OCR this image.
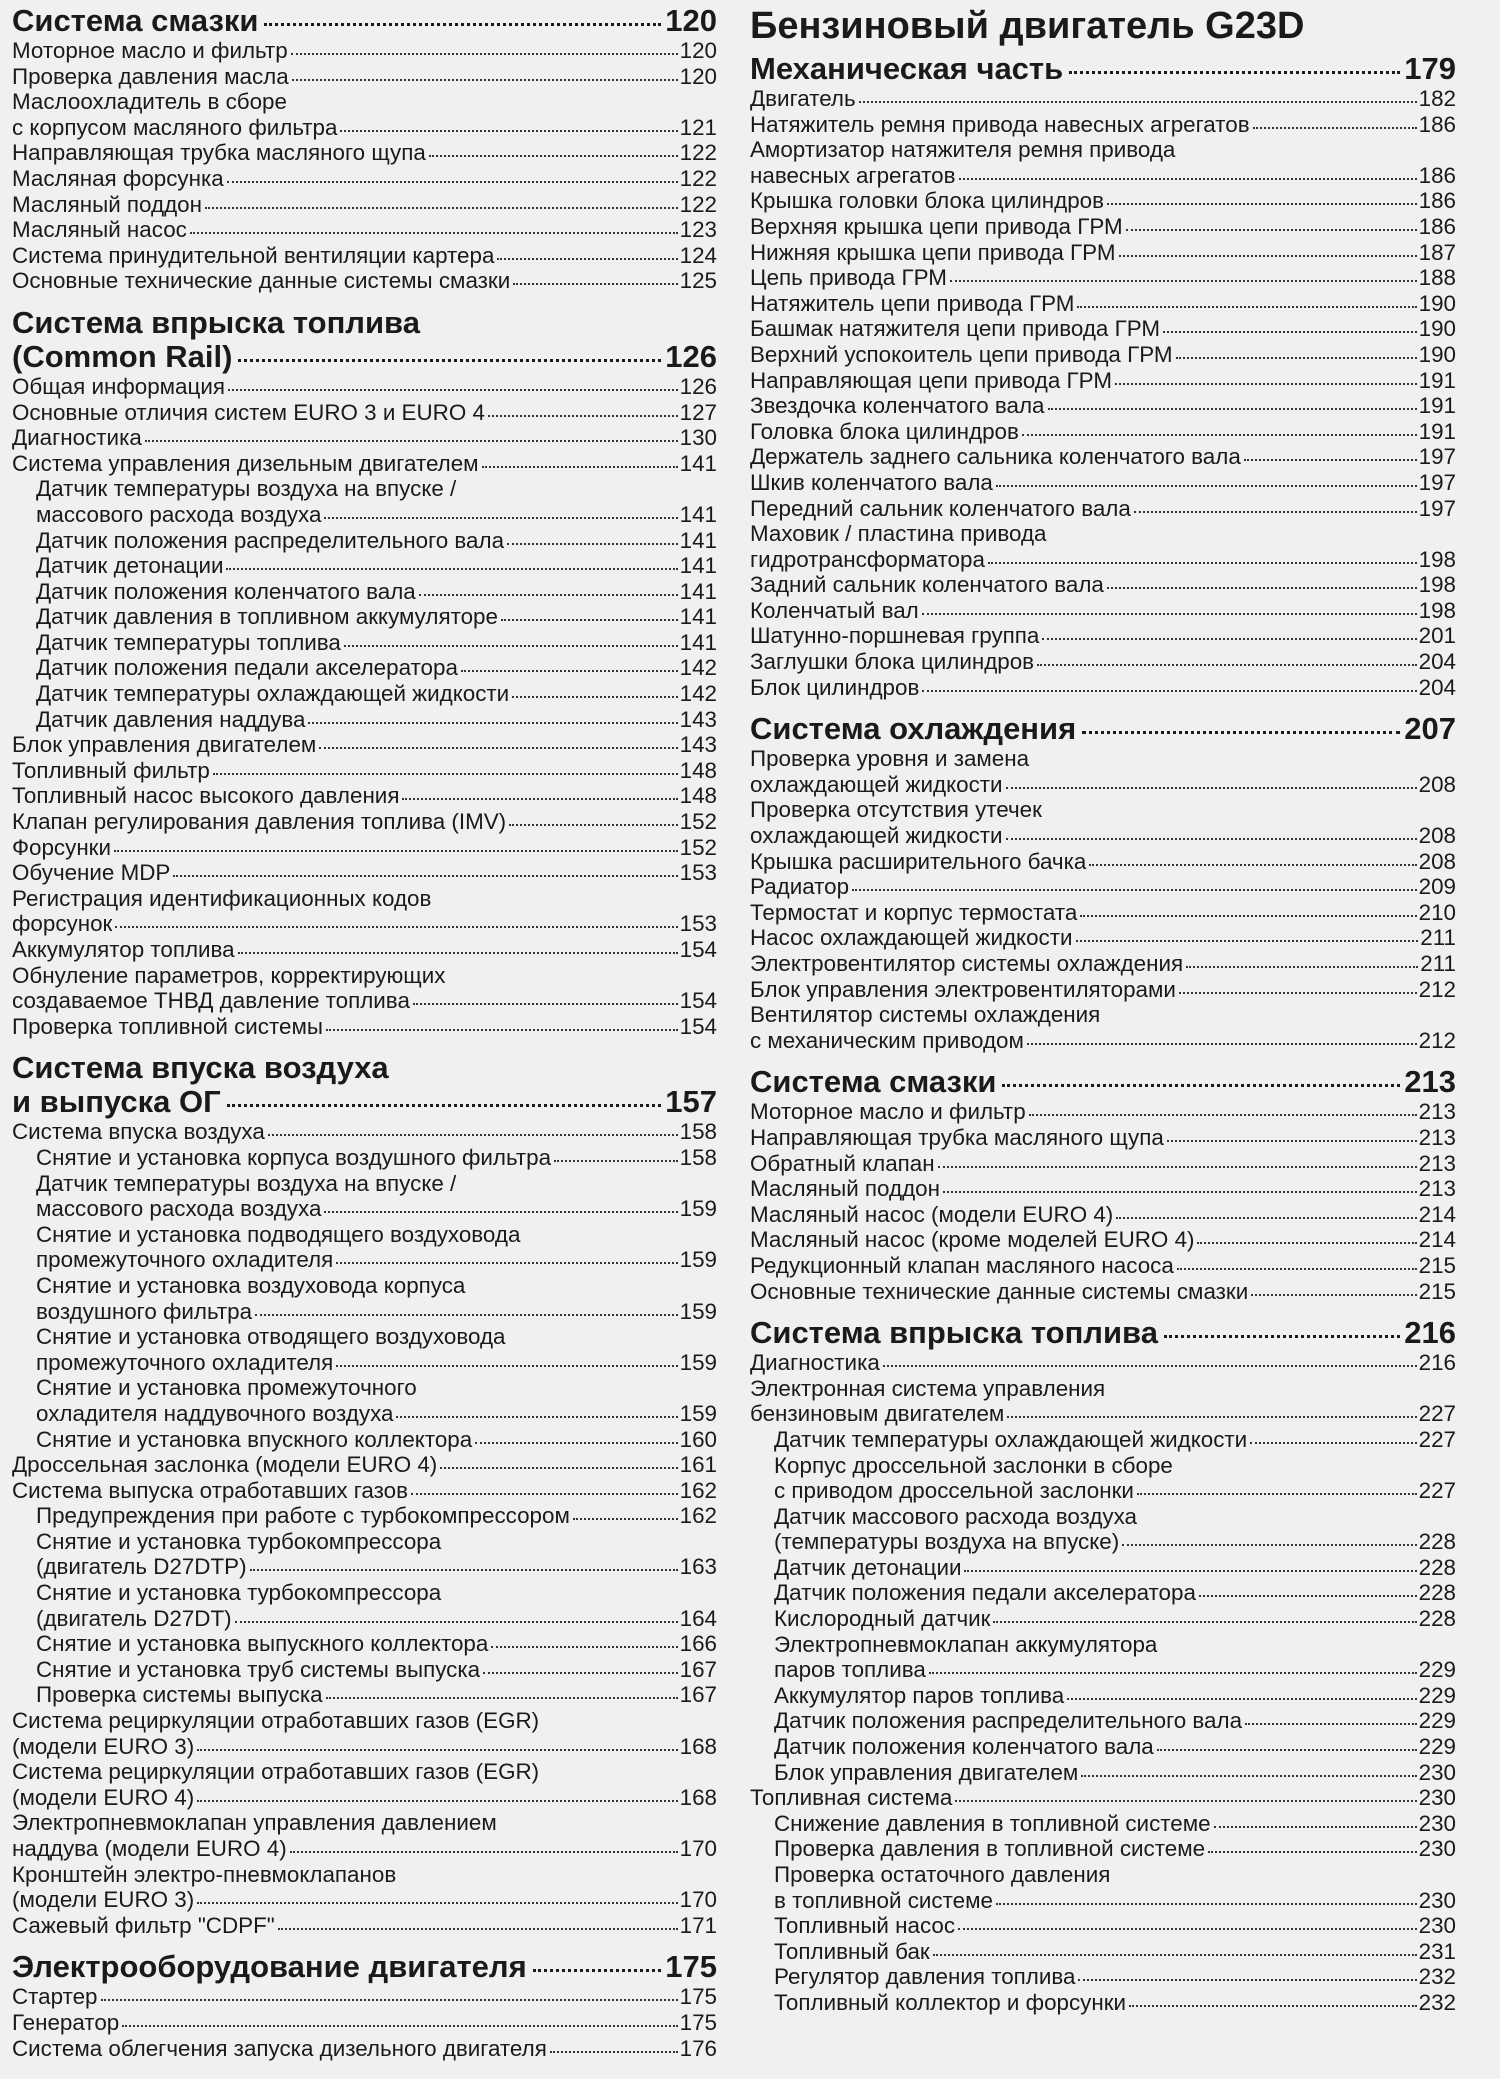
Система смазки	120
Моторное масло и фильтр	120
Проверка давления масла	120
Маслоохладитель в сборе
с корпусом масляного фильтра	121
Направляющая трубка масляного щупа	122
Масляная форсунка	122
Масляный поддон	122
Масляный насос	123
Система принудительной вентиляции картера	124
Основные технические данные системы смазки	125
Система впрыска топлива
(Common Rail)	126
Общая информация	126
Основные отличия систем EURO 3 и EURO 4	127
Диагностика	130
Система управления дизельным двигателем	141
Датчик температуры воздуха на впуске /
массового расхода воздуха	141
Датчик положения распределительного вала	141
Датчик детонации	141
Датчик положения коленчатого вала	141
Датчик давления в топливном аккумуляторе	141
Датчик температуры топлива	141
Датчик положения педали акселератора	142
Датчик температуры охлаждающей жидкости	142
Датчик давления наддува	143
Блок управления двигателем	143
Топливный фильтр	148
Топливный насос высокого давления	148
Клапан регулирования давления топлива (IMV)	152
Форсунки	152
Обучение MDP	153
Регистрация идентификационных кодов
форсунок	153
Аккумулятор топлива	154
Обнуление параметров, корректирующих
создаваемое ТНВД давление топлива	154
Проверка топливной системы	154
Система впуска воздуха
и выпуска ОГ	157
Система впуска воздуха	158
Снятие и установка корпуса воздушного фильтра	158
Датчик температуры воздуха на впуске /
массового расхода воздуха	159
Снятие и установка подводящего воздуховода
промежуточного охладителя	159
Снятие и установка воздуховода корпуса
воздушного фильтра	159
Снятие и установка отводящего воздуховода
промежуточного охладителя	159
Снятие и установка промежуточного
охладителя наддувочного воздуха	159
Снятие и установка впускного коллектора	160
Дроссельная заслонка (модели EURO 4)	161
Система выпуска отработавших газов	162
Предупреждения при работе с турбокомпрессором	162
Снятие и установка турбокомпрессора
(двигатель D27DTP)	163
Снятие и установка турбокомпрессора
(двигатель D27DT)	164
Снятие и установка выпускного коллектора	166
Снятие и установка труб системы выпуска	167
Проверка системы выпуска	167
Система рециркуляции отработавших газов (EGR)
(модели EURO 3)	168
Система рециркуляции отработавших газов (EGR)
(модели EURO 4)	168
Электропневмоклапан управления давлением
наддува (модели EURO 4)	170
Кронштейн электро-пневмоклапанов
(модели EURO 3)	170
Сажевый фильтр "CDPF"	171
Электрооборудование двигателя	175
Стартер	175
Генератор	175
Система облегчения запуска дизельного двигателя	176
Бензиновый двигатель G23D
Механическая часть	179
Двигатель	182
Натяжитель ремня привода навесных агрегатов	186
Амортизатор натяжителя ремня привода
навесных агрегатов	186
Крышка головки блока цилиндров	186
Верхняя крышка цепи привода ГРМ	186
Нижняя крышка цепи привода ГРМ	187
Цепь привода ГРМ	188
Натяжитель цепи привода ГРМ	190
Башмак натяжителя цепи привода ГРМ	190
Верхний успокоитель цепи привода ГРМ	190
Направляющая цепи привода ГРМ	191
Звездочка коленчатого вала	191
Головка блока цилиндров	191
Держатель заднего сальника коленчатого вала	197
Шкив коленчатого вала	197
Передний сальник коленчатого вала	197
Маховик / пластина привода
гидротрансформатора	198
Задний сальник коленчатого вала	198
Коленчатый вал	198
Шатунно-поршневая группа	201
Заглушки блока цилиндров	204
Блок цилиндров	204
Система охлаждения	207
Проверка уровня и замена
охлаждающей жидкости	208
Проверка отсутствия утечек
охлаждающей жидкости	208
Крышка расширительного бачка	208
Радиатор	209
Термостат и корпус термостата	210
Насос охлаждающей жидкости	211
Электровентилятор системы охлаждения	211
Блок управления электровентиляторами	212
Вентилятор системы охлаждения
с механическим приводом	212
Система смазки	213
Моторное масло и фильтр	213
Направляющая трубка масляного щупа	213
Обратный клапан	213
Масляный поддон	213
Масляный насос (модели EURO 4)	214
Масляный насос (кроме моделей EURO 4)	214
Редукционный клапан масляного насоса	215
Основные технические данные системы смазки	215
Система впрыска топлива	216
Диагностика	216
Электронная система управления
бензиновым двигателем	227
Датчик температуры охлаждающей жидкости	227
Корпус дроссельной заслонки в сборе
с приводом дроссельной заслонки	227
Датчик массового расхода воздуха
(температуры воздуха на впуске)	228
Датчик детонации	228
Датчик положения педали акселератора	228
Кислородный датчик	228
Электропневмоклапан аккумулятора
паров топлива	229
Аккумулятор паров топлива	229
Датчик положения распределительного вала	229
Датчик положения коленчатого вала	229
Блок управления двигателем	230
Топливная система	230
Снижение давления в топливной системе	230
Проверка давления в топливной системе	230
Проверка остаточного давления
в топливной системе	230
Топливный насос	230
Топливный бак	231
Регулятор давления топлива	232
Топливный коллектор и форсунки	232
